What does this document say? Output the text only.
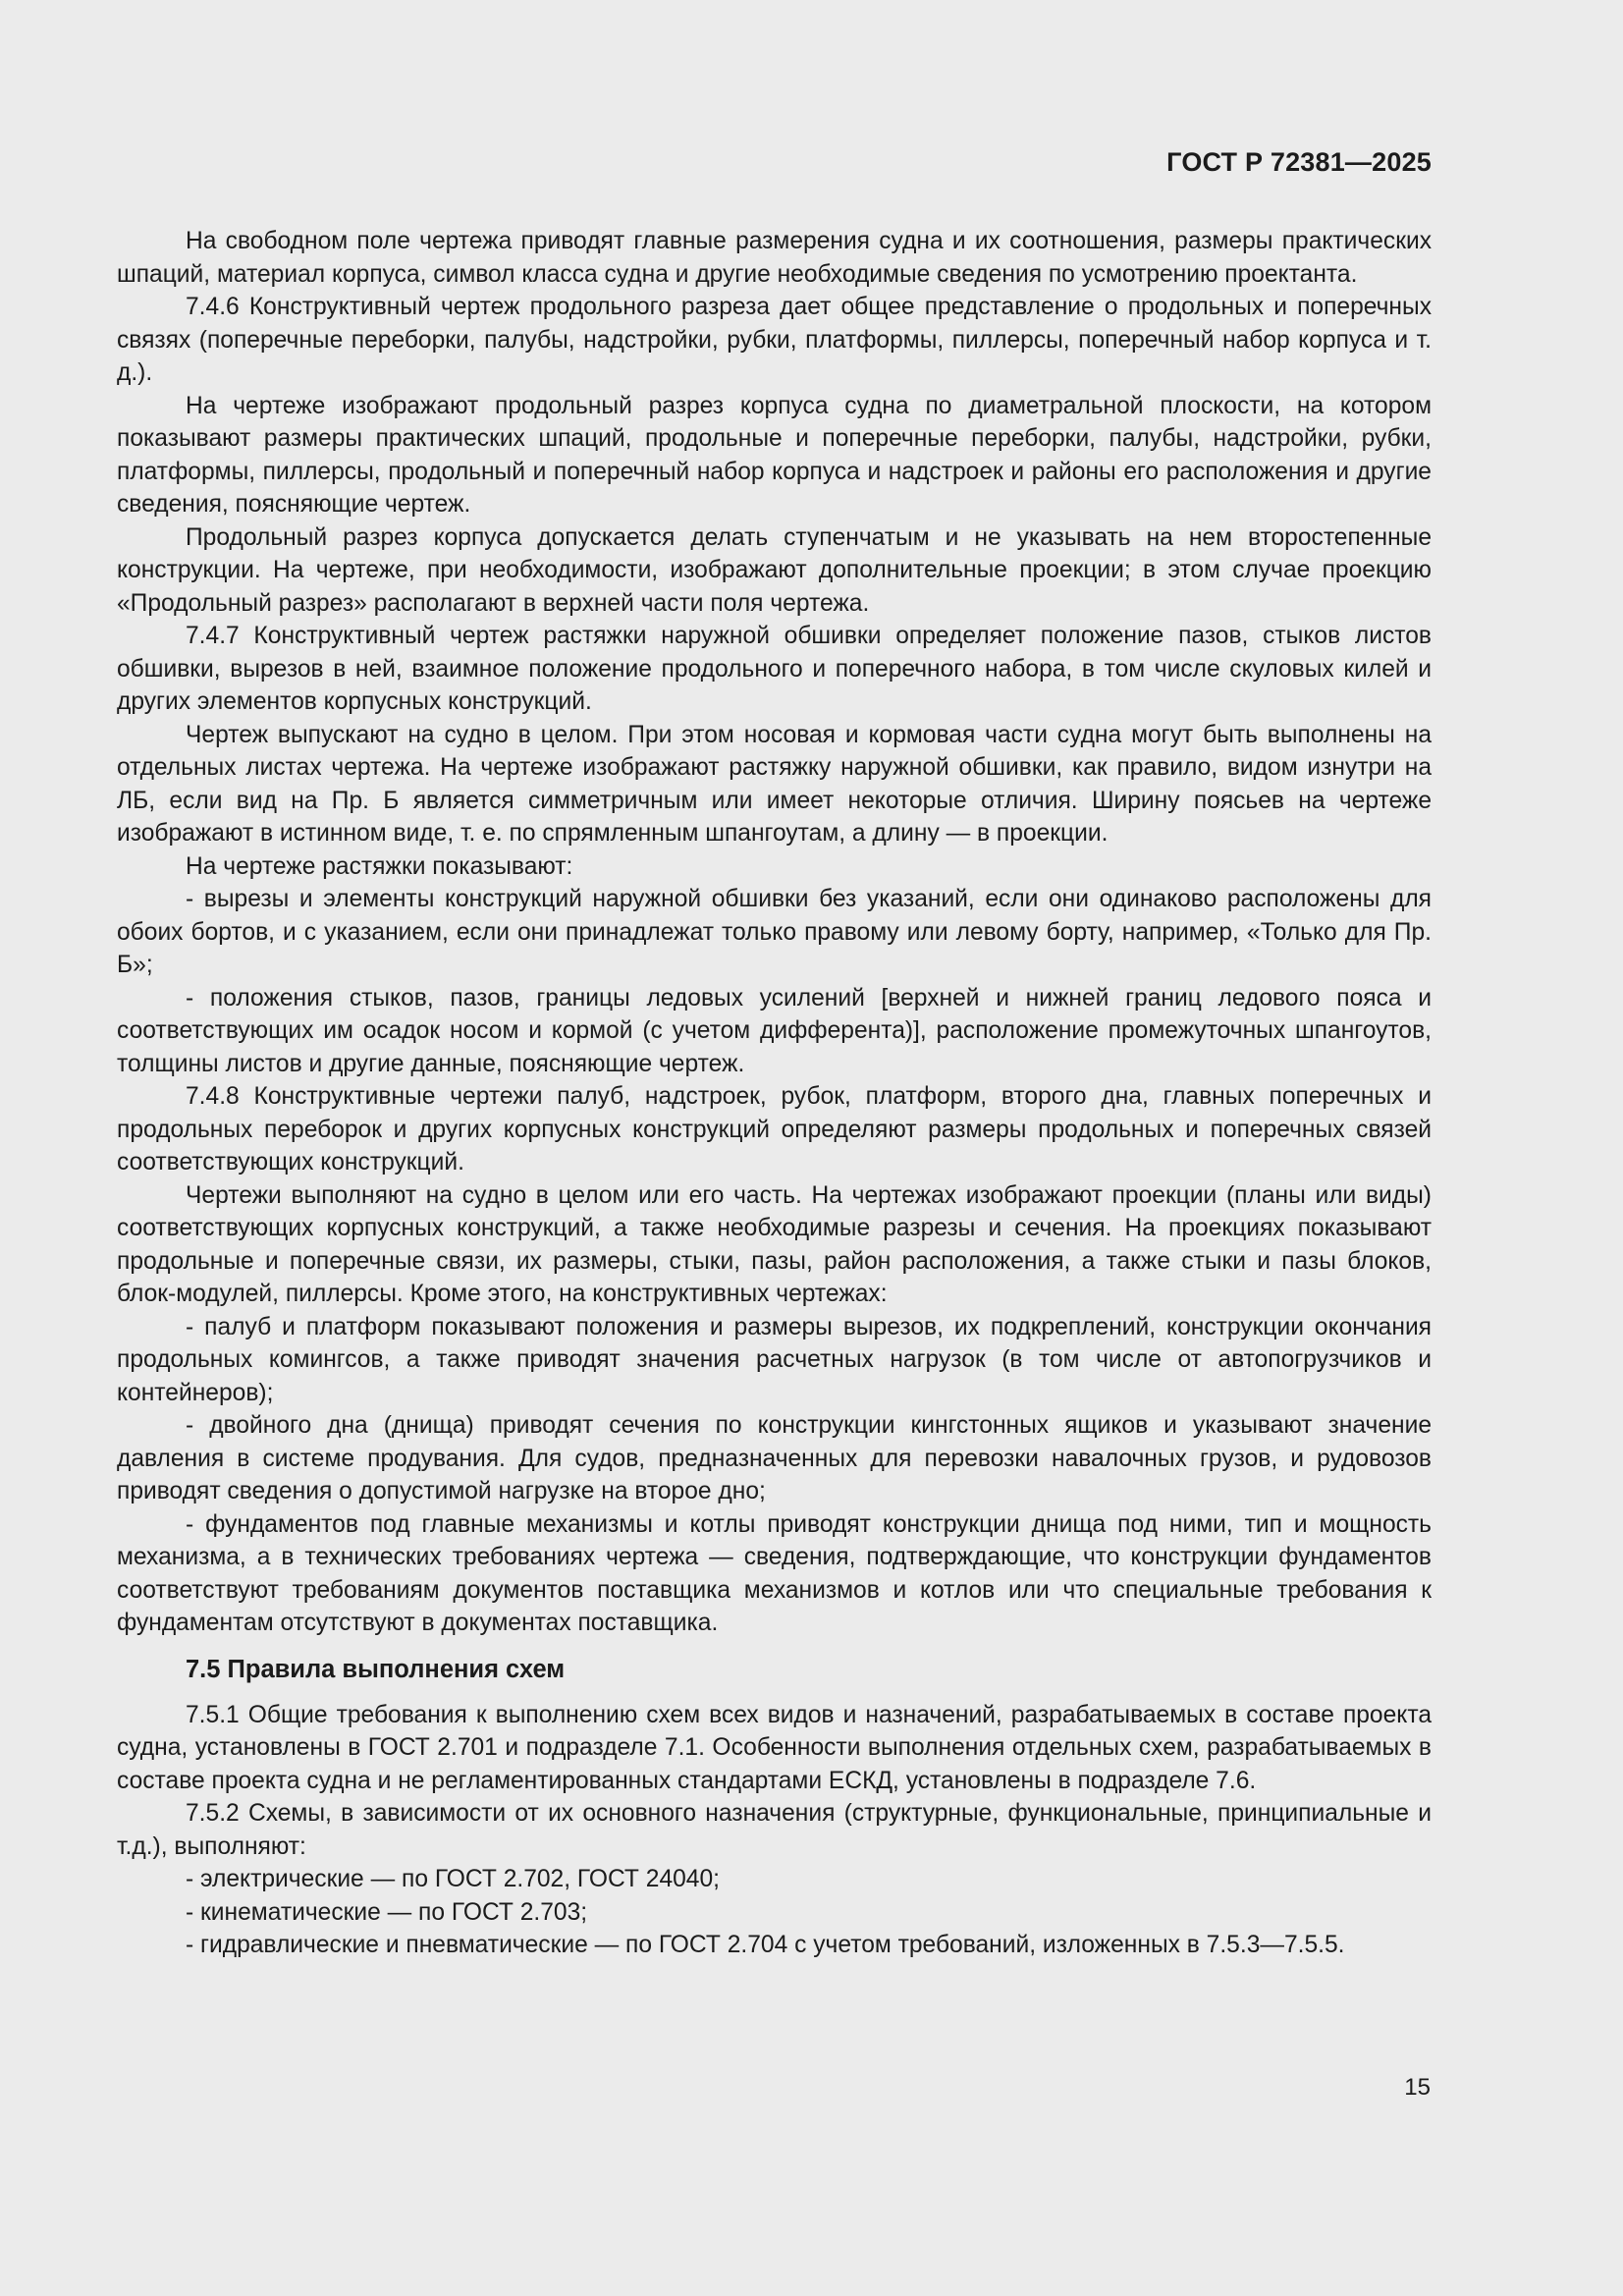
ГОСТ Р 72381—2025

На свободном поле чертежа приводят главные размерения судна и их соотношения, размеры практических шпаций, материал корпуса, символ класса судна и другие необходимые сведения по усмотрению проектанта.

7.4.6 Конструктивный чертеж продольного разреза дает общее представление о продольных и поперечных связях (поперечные переборки, палубы, надстройки, рубки, платформы, пиллерсы, поперечный набор корпуса и т. д.).

На чертеже изображают продольный разрез корпуса судна по диаметральной плоскости, на котором показывают размеры практических шпаций, продольные и поперечные переборки, палубы, надстройки, рубки, платформы, пиллерсы, продольный и поперечный набор корпуса и надстроек и районы его расположения и другие сведения, поясняющие чертеж.

Продольный разрез корпуса допускается делать ступенчатым и не указывать на нем второстепенные конструкции. На чертеже, при необходимости, изображают дополнительные проекции; в этом случае проекцию «Продольный разрез» располагают в верхней части поля чертежа.

7.4.7 Конструктивный чертеж растяжки наружной обшивки определяет положение пазов, стыков листов обшивки, вырезов в ней, взаимное положение продольного и поперечного набора, в том числе скуловых килей и других элементов корпусных конструкций.

Чертеж выпускают на судно в целом. При этом носовая и кормовая части судна могут быть выполнены на отдельных листах чертежа. На чертеже изображают растяжку наружной обшивки, как правило, видом изнутри на ЛБ, если вид на Пр. Б является симметричным или имеет некоторые отличия. Ширину поясьев на чертеже изображают в истинном виде, т. е. по спрямленным шпангоутам, а длину — в проекции.

На чертеже растяжки показывают:

- вырезы и элементы конструкций наружной обшивки без указаний, если они одинаково расположены для обоих бортов, и с указанием, если они принадлежат только правому или левому борту, например, «Только для Пр. Б»;

- положения стыков, пазов, границы ледовых усилений [верхней и нижней границ ледового пояса и соответствующих им осадок носом и кормой (с учетом дифферента)], расположение промежуточных шпангоутов, толщины листов и другие данные, поясняющие чертеж.

7.4.8 Конструктивные чертежи палуб, надстроек, рубок, платформ, второго дна, главных поперечных и продольных переборок и других корпусных конструкций определяют размеры продольных и поперечных связей соответствующих конструкций.

Чертежи выполняют на судно в целом или его часть. На чертежах изображают проекции (планы или виды) соответствующих корпусных конструкций, а также необходимые разрезы и сечения. На проекциях показывают продольные и поперечные связи, их размеры, стыки, пазы, район расположения, а также стыки и пазы блоков, блок-модулей, пиллерсы. Кроме этого, на конструктивных чертежах:

- палуб и платформ показывают положения и размеры вырезов, их подкреплений, конструкции окончания продольных комингсов, а также приводят значения расчетных нагрузок (в том числе от автопогрузчиков и контейнеров);

- двойного дна (днища) приводят сечения по конструкции кингстонных ящиков и указывают значение давления в системе продувания. Для судов, предназначенных для перевозки навалочных грузов, и рудовозов приводят сведения о допустимой нагрузке на второе дно;

- фундаментов под главные механизмы и котлы приводят конструкции днища под ними, тип и мощность механизма, а в технических требованиях чертежа — сведения, подтверждающие, что конструкции фундаментов соответствуют требованиям документов поставщика механизмов и котлов или что специальные требования к фундаментам отсутствуют в документах поставщика.

7.5 Правила выполнения схем

7.5.1 Общие требования к выполнению схем всех видов и назначений, разрабатываемых в составе проекта судна, установлены в ГОСТ 2.701 и подразделе 7.1. Особенности выполнения отдельных схем, разрабатываемых в составе проекта судна и не регламентированных стандартами ЕСКД, установлены в подразделе 7.6.

7.5.2 Схемы, в зависимости от их основного назначения (структурные, функциональные, принципиальные и т.д.), выполняют:

- электрические — по ГОСТ 2.702, ГОСТ 24040;

- кинематические — по ГОСТ 2.703;

- гидравлические и пневматические — по ГОСТ 2.704 с учетом требований, изложенных в 7.5.3—7.5.5.

15
